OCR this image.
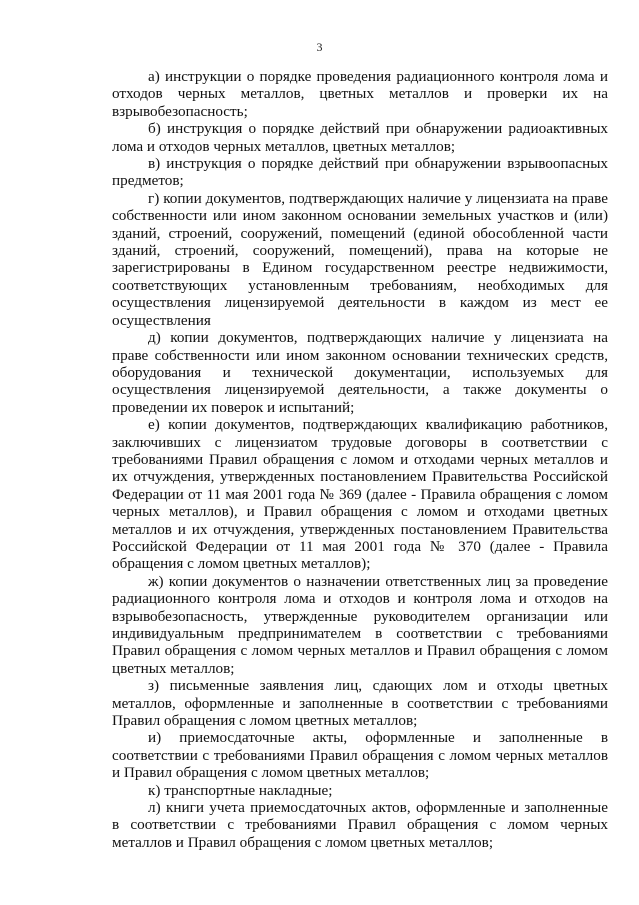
3

а) инструкции о порядке проведения радиационного контроля лома и отходов черных металлов, цветных металлов и проверки их на взрывобезопасность;

б) инструкция о порядке действий при обнаружении радиоактивных лома и отходов черных металлов, цветных металлов;

в) инструкция о порядке действий при обнаружении взрывоопасных предметов;

г) копии документов, подтверждающих наличие у лицензиата на праве собственности или ином законном основании земельных участков и (или) зданий, строений, сооружений, помещений (единой обособленной части зданий, строений, сооружений, помещений), права на которые не зарегистрированы в Едином государственном реестре недвижимости, соответствующих установленным требованиям, необходимых для осуществления лицензируемой деятельности в каждом из мест ее осуществления

д) копии документов, подтверждающих наличие у лицензиата на праве собственности или ином законном основании технических средств, оборудования и технической документации, используемых для осуществления лицензируемой деятельности, а также документы о проведении их поверок и испытаний;

е) копии документов, подтверждающих квалификацию работников, заключивших с лицензиатом трудовые договоры в соответствии с требованиями Правил обращения с ломом и отходами черных металлов и их отчуждения, утвержденных постановлением Правительства Российской Федерации от 11 мая 2001 года № 369 (далее - Правила обращения с ломом черных металлов), и Правил обращения с ломом и отходами цветных металлов и их отчуждения, утвержденных постановлением Правительства Российской Федерации от 11 мая 2001 года № 370 (далее - Правила обращения с ломом цветных металлов);

ж) копии документов о назначении ответственных лиц за проведение радиационного контроля лома и отходов и контроля лома и отходов на взрывобезопасность, утвержденные руководителем организации или индивидуальным предпринимателем в соответствии с требованиями Правил обращения с ломом черных металлов и Правил обращения с ломом цветных металлов;

з) письменные заявления лиц, сдающих лом и отходы цветных металлов, оформленные и заполненные в соответствии с требованиями Правил обращения с ломом цветных металлов;

и) приемосдаточные акты, оформленные и заполненные в соответствии с требованиями Правил обращения с ломом черных металлов и Правил обращения с ломом цветных металлов;

к) транспортные накладные;

л) книги учета приемосдаточных актов, оформленные и заполненные в соответствии с требованиями Правил обращения с ломом черных металлов и Правил обращения с ломом цветных металлов;
